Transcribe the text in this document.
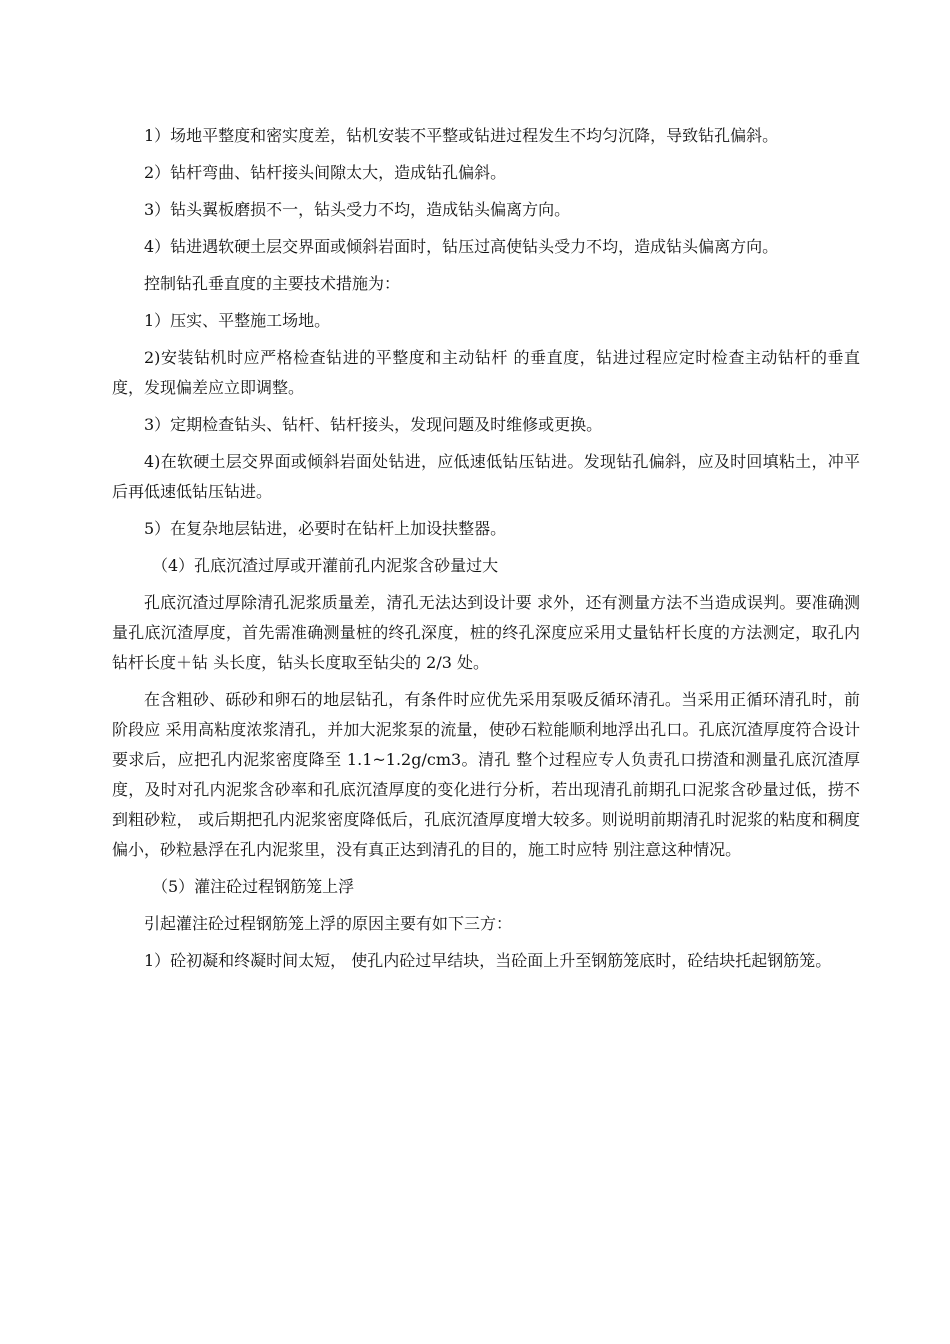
1）场地平整度和密实度差，钻机安装不平整或钻进过程发生不均匀沉降，导致钻孔偏斜。

2）钻杆弯曲、钻杆接头间隙太大，造成钻孔偏斜。

3）钻头翼板磨损不一，钻头受力不均，造成钻头偏离方向。

4）钻进遇软硬土层交界面或倾斜岩面时，钻压过高使钻头受力不均，造成钻头偏离方向。

控制钻孔垂直度的主要技术措施为：

1）压实、平整施工场地。

2)安装钻机时应严格检查钻进的平整度和主动钻杆 的垂直度，钻进过程应定时检查主动钻杆的垂直度，发现偏差应立即调整。

3）定期检查钻头、钻杆、钻杆接头，发现问题及时维修或更换。

4)在软硬土层交界面或倾斜岩面处钻进，应低速低钻压钻进。发现钻孔偏斜，应及时回填粘土，冲平后再低速低钻压钻进。

5）在复杂地层钻进，必要时在钻杆上加设扶整器。

（4）孔底沉渣过厚或开灌前孔内泥浆含砂量过大

孔底沉渣过厚除清孔泥浆质量差，清孔无法达到设计要 求外，还有测量方法不当造成误判。要准确测量孔底沉渣厚度，首先需准确测量桩的终孔深度，桩的终孔深度应采用丈量钻杆长度的方法测定，取孔内钻杆长度＋钻 头长度，钻头长度取至钻尖的 2/3 处。

在含粗砂、砾砂和卵石的地层钻孔，有条件时应优先采用泵吸反循环清孔。当采用正循环清孔时，前阶段应 采用高粘度浓浆清孔，并加大泥浆泵的流量，使砂石粒能顺利地浮出孔口。孔底沉渣厚度符合设计要求后，应把孔内泥浆密度降至 1.1~1.2g/cm3。清孔 整个过程应专人负责孔口捞渣和测量孔底沉渣厚度，及时对孔内泥浆含砂率和孔底沉渣厚度的变化进行分析，若出现清孔前期孔口泥浆含砂量过低，捞不到粗砂粒， 或后期把孔内泥浆密度降低后，孔底沉渣厚度增大较多。则说明前期清孔时泥浆的粘度和稠度偏小，砂粒悬浮在孔内泥浆里，没有真正达到清孔的目的，施工时应特 别注意这种情况。

（5）灌注砼过程钢筋笼上浮

引起灌注砼过程钢筋笼上浮的原因主要有如下三方：

1）砼初凝和终凝时间太短， 使孔内砼过早结块，当砼面上升至钢筋笼底时，砼结块托起钢筋笼。
